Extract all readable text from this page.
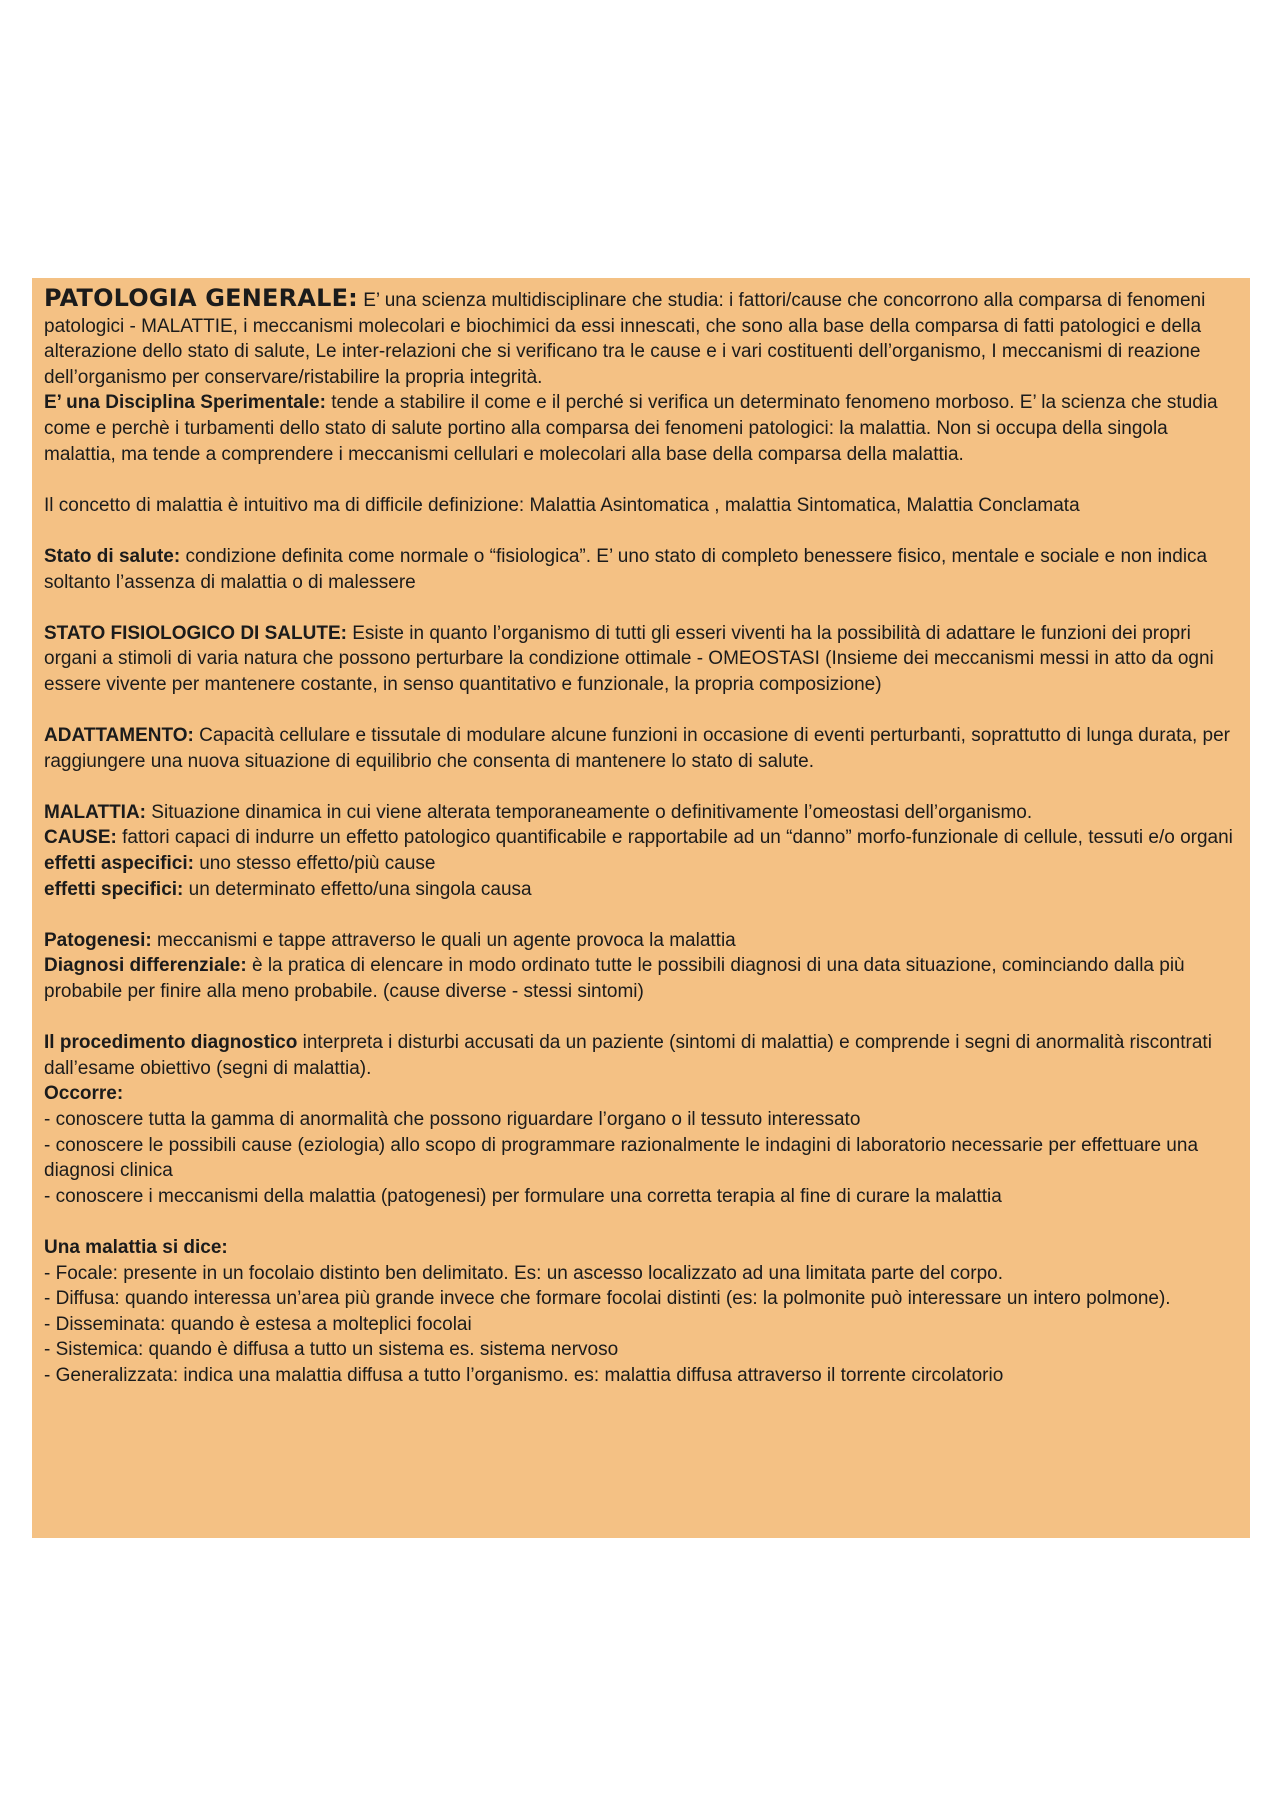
PATOLOGIA GENERALE: E’ una scienza multidisciplinare che studia: i fattori/cause che concorrono alla comparsa di fenomeni patologici - MALATTIE, i meccanismi molecolari e biochimici da essi innescati, che sono alla base della comparsa di fatti patologici e della alterazione dello stato di salute, Le inter-relazioni che si verificano tra le cause e i vari costituenti dell’organismo, I meccanismi di reazione dell’organismo per conservare/ristabilire la propria integrità.

E’ una Disciplina Sperimentale: tende a stabilire il come e il perché si verifica un determinato fenomeno morboso. E’ la scienza che studia come e perchè i turbamenti dello stato di salute portino alla comparsa dei fenomeni patologici: la malattia. Non si occupa della singola malattia, ma tende a comprendere i meccanismi cellulari e molecolari alla base della comparsa della malattia.

Il concetto di malattia è intuitivo ma di difficile definizione: Malattia Asintomatica , malattia Sintomatica, Malattia Conclamata

Stato di salute: condizione definita come normale o “fisiologica”. E’ uno stato di completo benessere fisico, mentale e sociale e non indica soltanto l’assenza di malattia o di malessere

STATO FISIOLOGICO DI SALUTE: Esiste in quanto l’organismo di tutti gli esseri viventi ha la possibilità di adattare le funzioni dei propri organi a stimoli di varia natura che possono perturbare la condizione ottimale - OMEOSTASI (Insieme dei meccanismi messi in atto da ogni essere vivente per mantenere costante, in senso quantitativo e funzionale, la propria composizione)

ADATTAMENTO: Capacità cellulare e tissutale di modulare alcune funzioni in occasione di eventi perturbanti, soprattutto di lunga durata, per raggiungere una nuova situazione di equilibrio che consenta di mantenere lo stato di salute.

MALATTIA: Situazione dinamica in cui viene alterata temporaneamente o definitivamente l’omeostasi dell’organismo.

CAUSE: fattori capaci di indurre un effetto patologico quantificabile e rapportabile ad un “danno” morfo-funzionale di cellule, tessuti e/o organi

effetti aspecifici: uno stesso effetto/più cause

effetti specifici: un determinato effetto/una singola causa

Patogenesi: meccanismi e tappe attraverso le quali un agente provoca la malattia

Diagnosi differenziale: è la pratica di elencare in modo ordinato tutte le possibili diagnosi di una data situazione, cominciando dalla più probabile per finire alla meno probabile. (cause diverse - stessi sintomi)

Il procedimento diagnostico interpreta i disturbi accusati da un paziente (sintomi di malattia) e comprende i segni di anormalità riscontrati dall’esame obiettivo (segni di malattia).

Occorre:

- conoscere tutta la gamma di anormalità che possono riguardare l’organo o il tessuto interessato
- conoscere le possibili cause (eziologia) allo scopo di programmare razionalmente le indagini di laboratorio necessarie per effettuare una diagnosi clinica
- conoscere i meccanismi della malattia (patogenesi) per formulare una corretta terapia al fine di curare la malattia

Una malattia si dice:

- Focale: presente in un focolaio distinto ben delimitato. Es: un ascesso localizzato ad una limitata parte del corpo.
- Diffusa: quando interessa un’area più grande invece che formare focolai distinti (es: la polmonite può interessare un intero polmone).
- Disseminata: quando è estesa a molteplici focolai
- Sistemica: quando è diffusa a tutto un sistema es. sistema nervoso
- Generalizzata: indica una malattia diffusa a tutto l’organismo. es: malattia diffusa attraverso il torrente circolatorio
